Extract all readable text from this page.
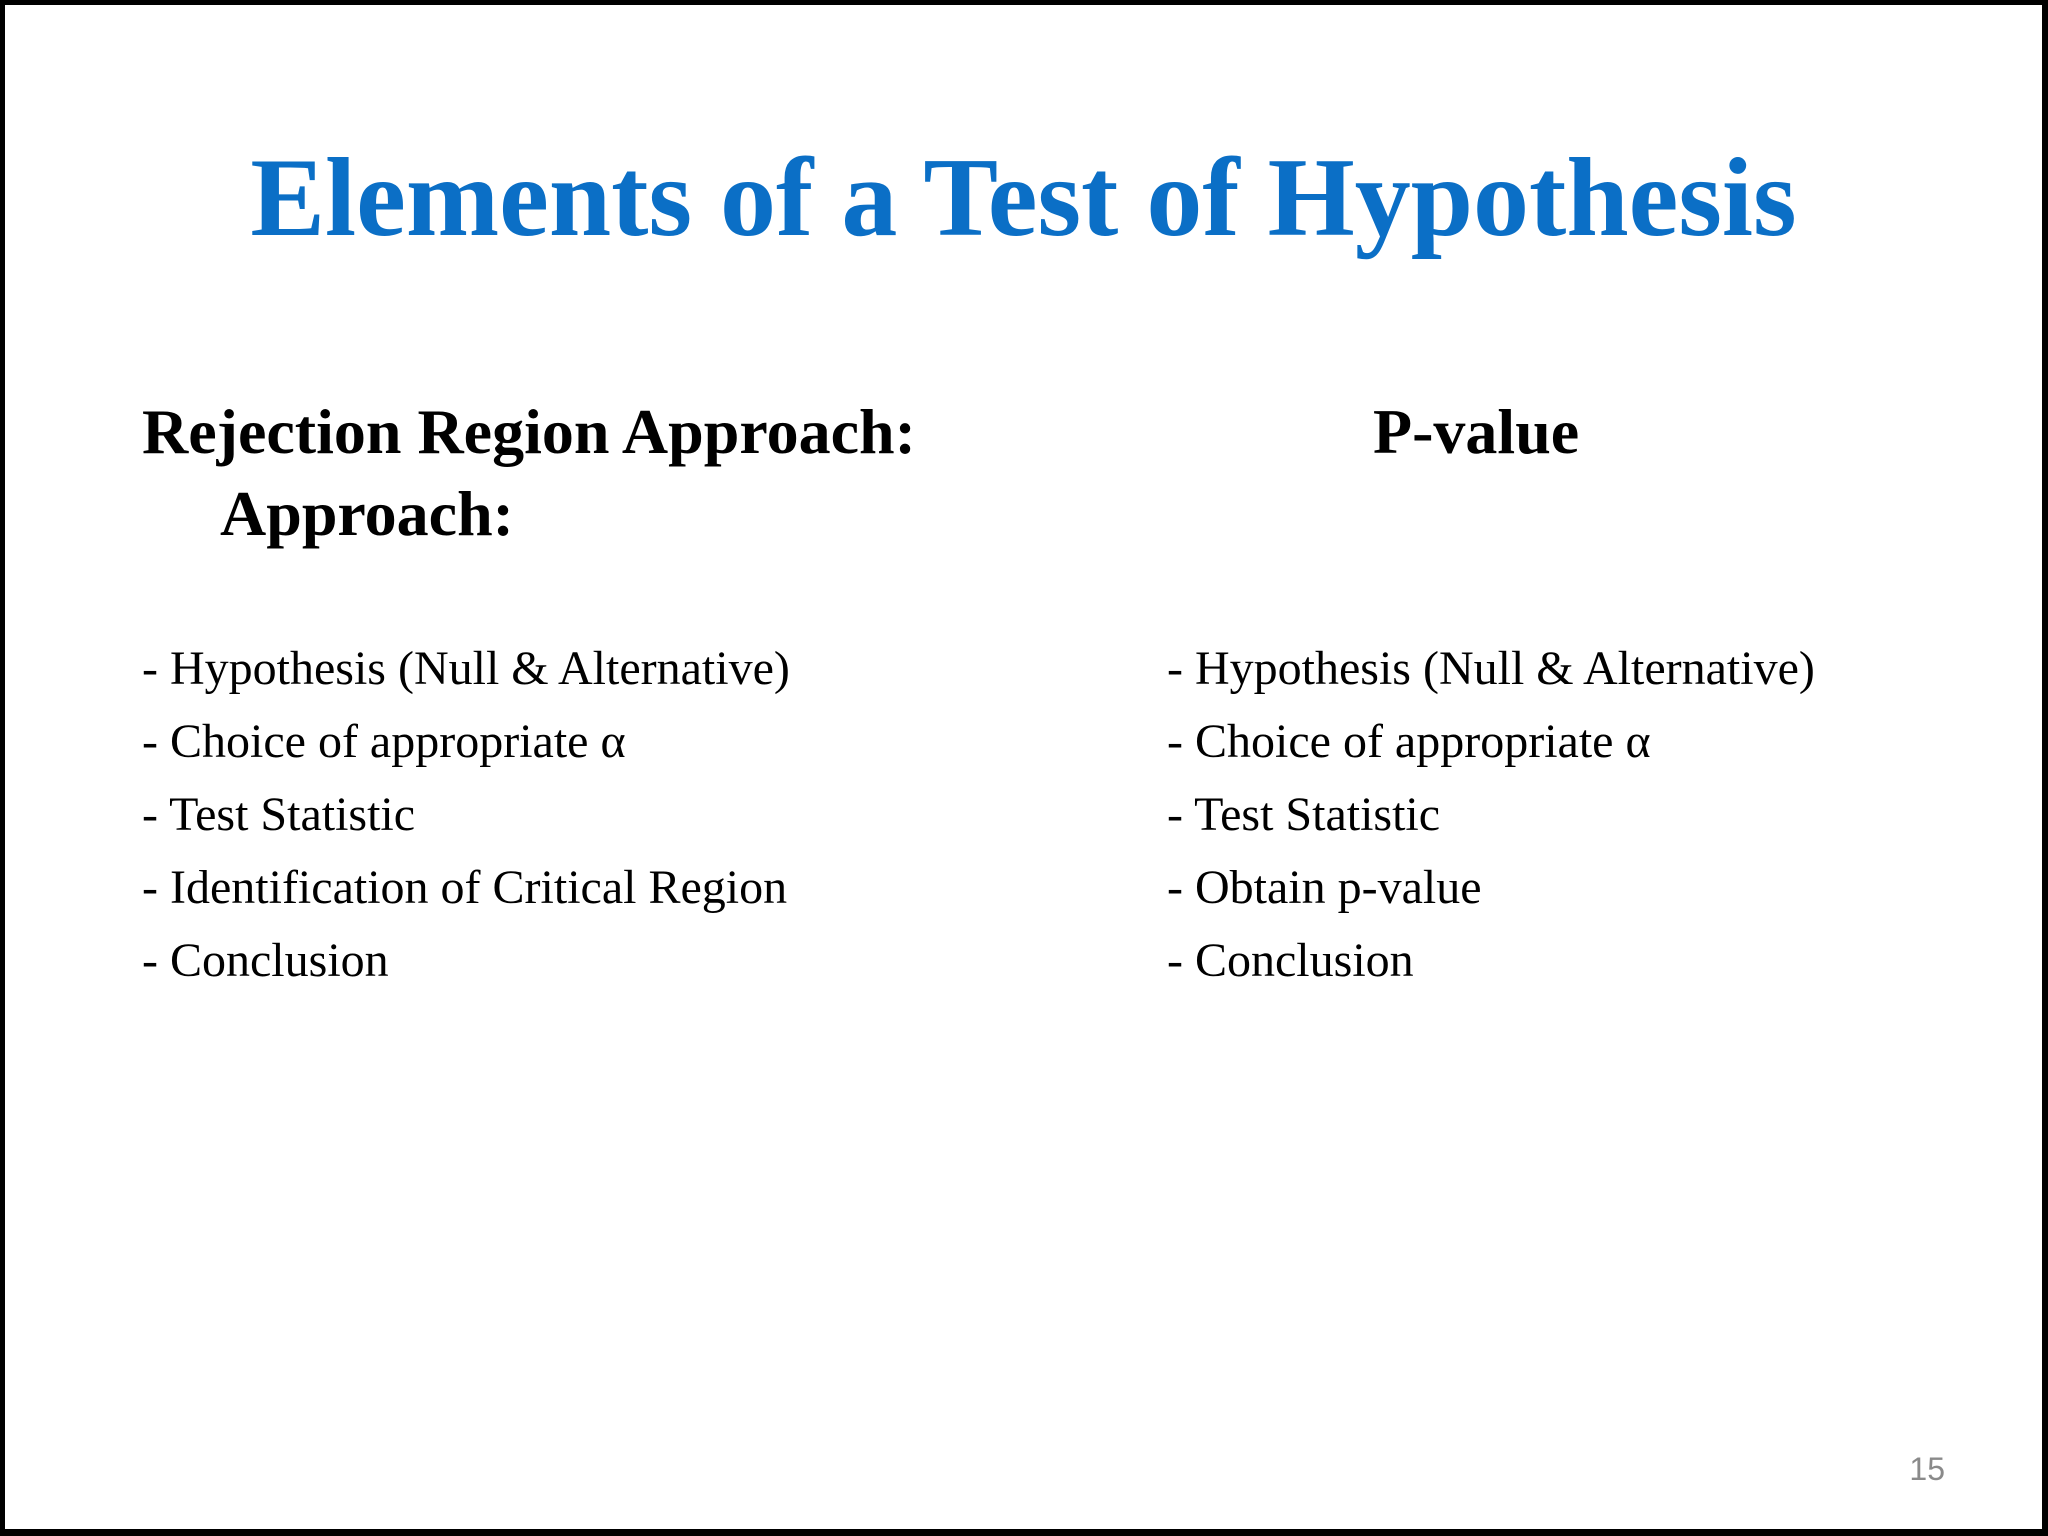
Elements of a Test of Hypothesis
Rejection Region Approach:
Approach:
P-value
- Hypothesis (Null & Alternative)
- Choice of appropriate α
- Test Statistic
- Identification of Critical Region
- Conclusion
- Hypothesis (Null & Alternative)
- Choice of appropriate α
- Test Statistic
- Obtain p-value
- Conclusion
15
